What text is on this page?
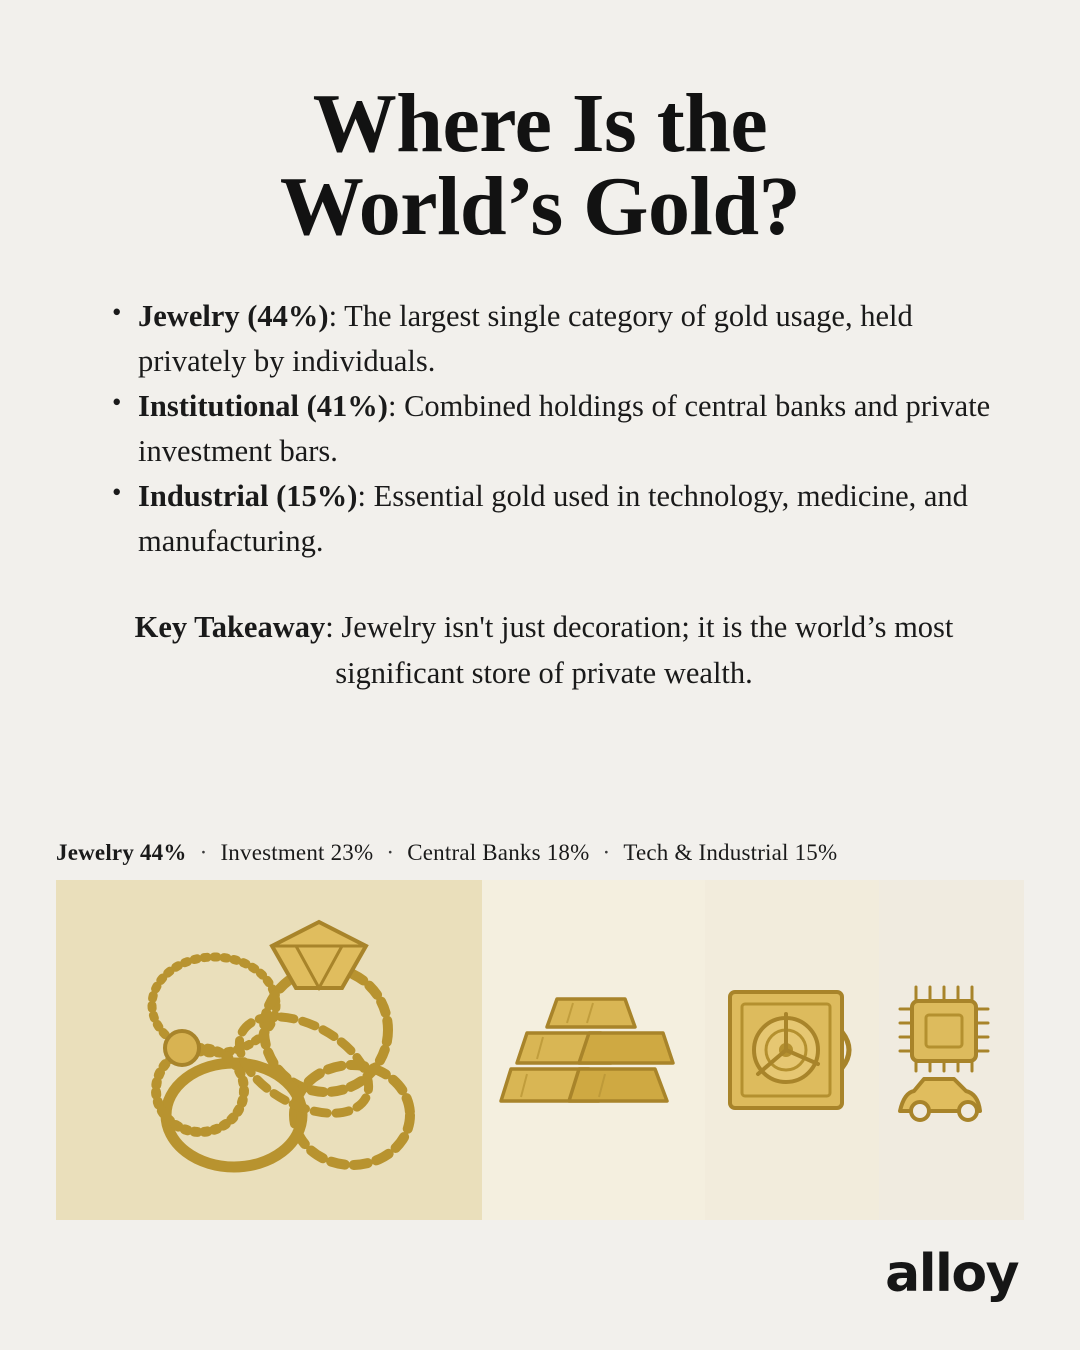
Where Is the
World’s Gold?
• Jewelry (44%): The largest single category of gold usage, held privately by individuals.
• Institutional (41%): Combined holdings of central banks and private investment bars.
• Industrial (15%): Essential gold used in technology, medicine, and manufacturing.

Key Takeaway: Jewelry isn't just decoration; it is the world’s most significant store of private wealth.

Jewelry 44% · Investment 23% · Central Banks 18% · Tech & Industrial 15%
alloy
